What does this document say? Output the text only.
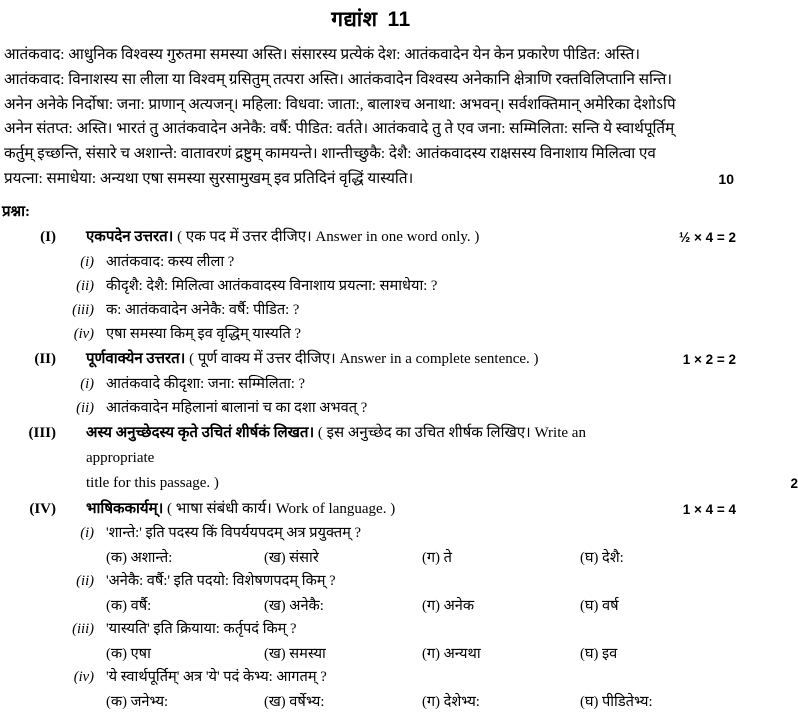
गद्यांश 11
आतंकवाद: आधुनिक विश्वस्य गुरुतमा समस्या अस्ति। संसारस्य प्रत्येकं देश: आतंकवादेन येन केन प्रकारेण पीडित: अस्ति।
आतंकवाद: विनाशस्य सा लीला या विश्वम् ग्रसितुम् तत्परा अस्ति। आतंकवादेन विश्वस्य अनेकानि क्षेत्राणि रक्तविलिप्तानि सन्ति।
अनेन अनेके निर्दोषा: जना: प्राणान् अत्यजन्। महिला: विधवा: जाता:, बालाश्च अनाथा: अभवन्। सर्वशक्तिमान् अमेरिका देशोऽपि
अनेन संतप्त: अस्ति। भारतं तु आतंकवादेन अनेकै: वर्षै: पीडित: वर्तते। आतंकवादे तु ते एव जना: सम्मिलिता: सन्ति ये स्वार्थपूर्तिम्
कर्तुम् इच्छन्ति, संसारे च अशान्ते: वातावरणं द्रष्टुम् कामयन्ते। शान्तीच्छुकै: देशै: आतंकवादस्य राक्षसस्य विनाशाय मिलित्वा एव
प्रयत्ना: समाधेया: अन्यथा एषा समस्या सुरसामुखम् इव प्रतिदिनं वृद्धिं यास्यति।	10
प्रश्ना:
(I) एकपदेन उत्तरत। ( एक पद में उत्तर दीजिए। Answer in one word only. )	½ × 4 = 2
(i) आतंकवाद: कस्य लीला ?
(ii) कीदृशै: देशै: मिलित्वा आतंकवादस्य विनाशाय प्रयत्ना: समाधेया: ?
(iii) क: आतंकवादेन अनेकै: वर्षै: पीडित: ?
(iv) एषा समस्या किम् इव वृद्धिम् यास्यति ?
(II) पूर्णवाक्येन उत्तरत। ( पूर्ण वाक्य में उत्तर दीजिए। Answer in a complete sentence. )	1 × 2 = 2
(i) आतंकवादे कीदृशा: जना: सम्मिलिता: ?
(ii) आतंकवादेन महिलानां बालानां च का दशा अभवत् ?
(III) अस्य अनुच्छेदस्य कृते उचितं शीर्षकं लिखत। ( इस अनुच्छेद का उचित शीर्षक लिखिए। Write an appropriate
title for this passage. )	2
(IV) भाषिककार्यम्। ( भाषा संबंधी कार्य। Work of language. )	1 × 4 = 4
(i) 'शान्ते:' इति पदस्य किं विपर्ययपदम् अत्र प्रयुक्तम् ?
(क) अशान्ते:	(ख) संसारे	(ग) ते	(घ) देशै:
(ii) 'अनेकै: वर्षै:' इति पदयो: विशेषणपदम् किम् ?
(क) वर्षै:	(ख) अनेकै:	(ग) अनेक	(घ) वर्ष
(iii) 'यास्यति' इति क्रियाया: कर्तृपदं किम् ?
(क) एषा	(ख) समस्या	(ग) अन्यथा	(घ) इव
(iv) 'ये स्वार्थपूर्तिम्' अत्र 'ये' पदं केभ्य: आगतम् ?
(क) जनेभ्य:	(ख) वर्षेभ्य:	(ग) देशेभ्य:	(घ) पीडितेभ्य:
